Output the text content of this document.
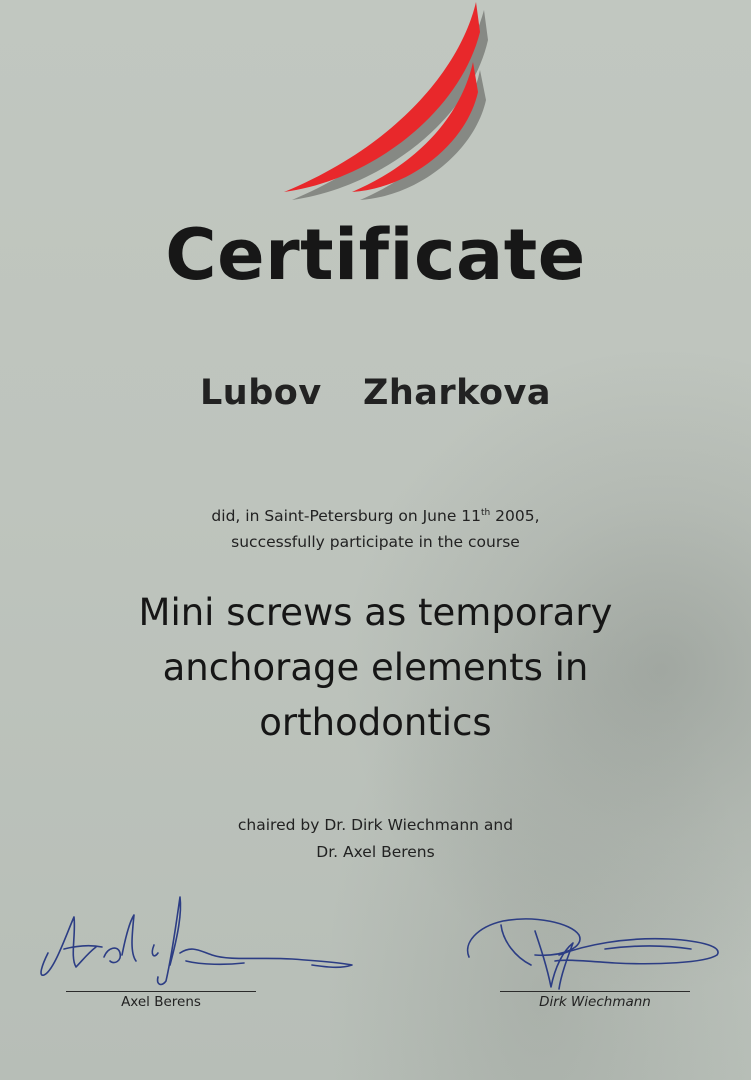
Certificate
Lubov  Zharkova
did, in Saint-Petersburg on June 11th 2005,
successfully participate in the course
Mini screws as temporary
anchorage elements in
orthodontics
chaired by Dr. Dirk Wiechmann and
Dr. Axel Berens
Axel Berens	Dirk Wiechmann
